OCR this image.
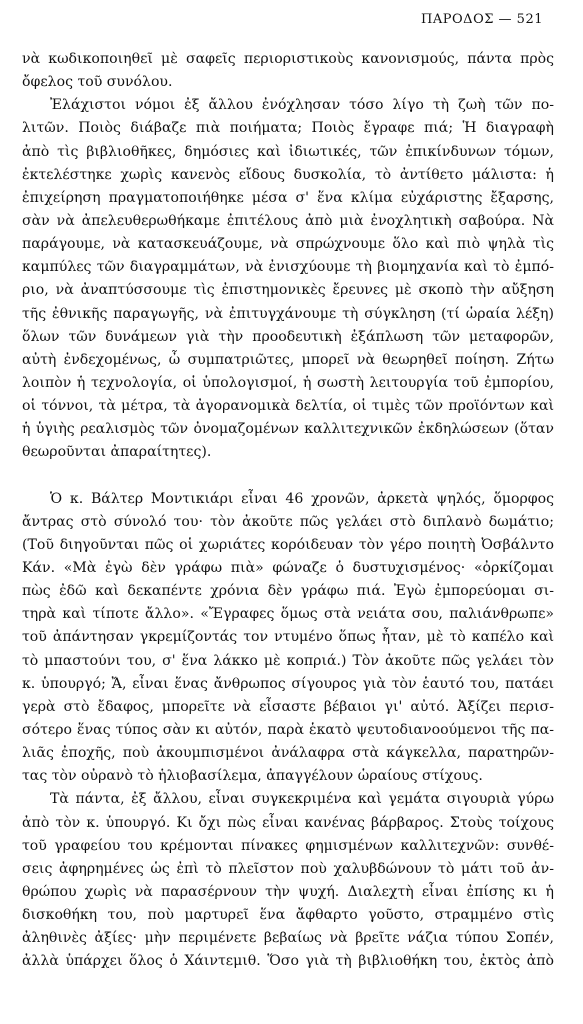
ΠΑΡΟΔΟΣ — 521
νὰ κωδικοποιηθεῖ μὲ σαφεῖς περιοριστικοὺς κανονισμούς, πάντα πρὸς
ὄφελος τοῦ συνόλου.
Ἐλάχιστοι νόμοι ἐξ ἄλλου ἐνόχλησαν τόσο λίγο τὴ ζωὴ τῶν πο-
λιτῶν. Ποιὸς διάβαζε πιὰ ποιήματα; Ποιὸς ἔγραφε πιά; Ἡ διαγραφὴ
ἀπὸ τὶς βιβλιοθῆκες, δημόσιες καὶ ἰδιωτικές, τῶν ἐπικίνδυνων τόμων,
ἐκτελέστηκε χωρὶς κανενὸς εἴδους δυσκολία, τὸ ἀντίθετο μάλιστα: ἡ
ἐπιχείρηση πραγματοποιήθηκε μέσα σ' ἕνα κλίμα εὐχάριστης ἔξαρσης,
σὰν νὰ ἀπελευθερωθήκαμε ἐπιτέλους ἀπὸ μιὰ ἐνοχλητικὴ σαβούρα. Νὰ
παράγουμε, νὰ κατασκευάζουμε, νὰ σπρώχνουμε ὅλο καὶ πιὸ ψηλὰ τὶς
καμπύλες τῶν διαγραμμάτων, νὰ ἐνισχύουμε τὴ βιομηχανία καὶ τὸ ἐμπό-
ριο, νὰ ἀναπτύσσουμε τὶς ἐπιστημονικὲς ἔρευνες μὲ σκοπὸ τὴν αὔξηση
τῆς ἐθνικῆς παραγωγῆς, νὰ ἐπιτυγχάνουμε τὴ σύγκληση (τί ὡραία λέξη)
ὅλων τῶν δυνάμεων γιὰ τὴν προοδευτικὴ ἐξάπλωση τῶν μεταφορῶν,
αὐτὴ ἐνδεχομένως, ὦ συμπατριῶτες, μπορεῖ νὰ θεωρηθεῖ ποίηση. Ζήτω
λοιπὸν ἡ τεχνολογία, οἱ ὑπολογισμοί, ἡ σωστὴ λειτουργία τοῦ ἐμπορίου,
οἱ τόννοι, τὰ μέτρα, τὰ ἀγορανομικὰ δελτία, οἱ τιμὲς τῶν προϊόντων καὶ
ἡ ὑγιὴς ρεαλισμὸς τῶν ὀνομαζομένων καλλιτεχνικῶν ἐκδηλώσεων (ὅταν
θεωροῦνται ἀπαραίτητες).
Ὁ κ. Βάλτερ Μοντικιάρι εἶναι 46 χρονῶν, ἀρκετὰ ψηλός, ὅμορφος
ἄντρας στὸ σύνολό του· τὸν ἀκοῦτε πῶς γελάει στὸ διπλανὸ δωμάτιο;
(Τοῦ διηγοῦνται πῶς οἱ χωριάτες κορόιδευαν τὸν γέρο ποιητὴ Ὀσβάλντο
Κάν. «Μὰ ἐγὼ δὲν γράφω πιὰ» φώναζε ὁ δυστυχισμένος· «ὀρκίζομαι
πὼς ἐδῶ καὶ δεκαπέντε χρόνια δὲν γράφω πιά. Ἐγὼ ἐμπορεύομαι σι-
τηρὰ καὶ τίποτε ἄλλο». «Ἔγραφες ὅμως στὰ νειάτα σου, παλιάνθρωπε»
τοῦ ἀπάντησαν γκρεμίζοντάς τον ντυμένο ὅπως ἦταν, μὲ τὸ καπέλο καὶ
τὸ μπαστούνι του, σ' ἕνα λάκκο μὲ κοπριά.) Τὸν ἀκοῦτε πῶς γελάει τὸν
κ. ὑπουργό; Ἄ, εἶναι ἕνας ἄνθρωπος σίγουρος γιὰ τὸν ἑαυτό του, πατάει
γερὰ στὸ ἔδαφος, μπορεῖτε νὰ εἶσαστε βέβαιοι γι' αὐτό. Ἀξίζει περισ-
σότερο ἕνας τύπος σὰν κι αὐτόν, παρὰ ἑκατὸ ψευτοδιανοούμενοι τῆς πα-
λιᾶς ἐποχῆς, ποὺ ἀκουμπισμένοι ἀνάλαφρα στὰ κάγκελλα, παρατηρῶν-
τας τὸν οὐρανὸ τὸ ἡλιοβασίλεμα, ἀπαγγέλουν ὡραίους στίχους.
Τὰ πάντα, ἐξ ἄλλου, εἶναι συγκεκριμένα καὶ γεμάτα σιγουριὰ γύρω
ἀπὸ τὸν κ. ὑπουργό. Κι ὄχι πὼς εἶναι κανένας βάρβαρος. Στοὺς τοίχους
τοῦ γραφείου του κρέμονται πίνακες φημισμένων καλλιτεχνῶν: συνθέ-
σεις ἀφηρημένες ὡς ἐπὶ τὸ πλεῖστον ποὺ χαλυβδώνουν τὸ μάτι τοῦ ἀν-
θρώπου χωρὶς νὰ παρασέρνουν τὴν ψυχή. Διαλεχτὴ εἶναι ἐπίσης κι ἡ
δισκοθήκη του, ποὺ μαρτυρεῖ ἕνα ἄφθαρτο γοῦστο, στραμμένο στὶς
ἀληθινὲς ἀξίες· μὴν περιμένετε βεβαίως νὰ βρεῖτε νάζια τύπου Σοπέν,
ἀλλὰ ὑπάρχει ὅλος ὁ Χάιντεμιθ. Ὅσο γιὰ τὴ βιβλιοθήκη του, ἐκτὸς ἀπὸ
